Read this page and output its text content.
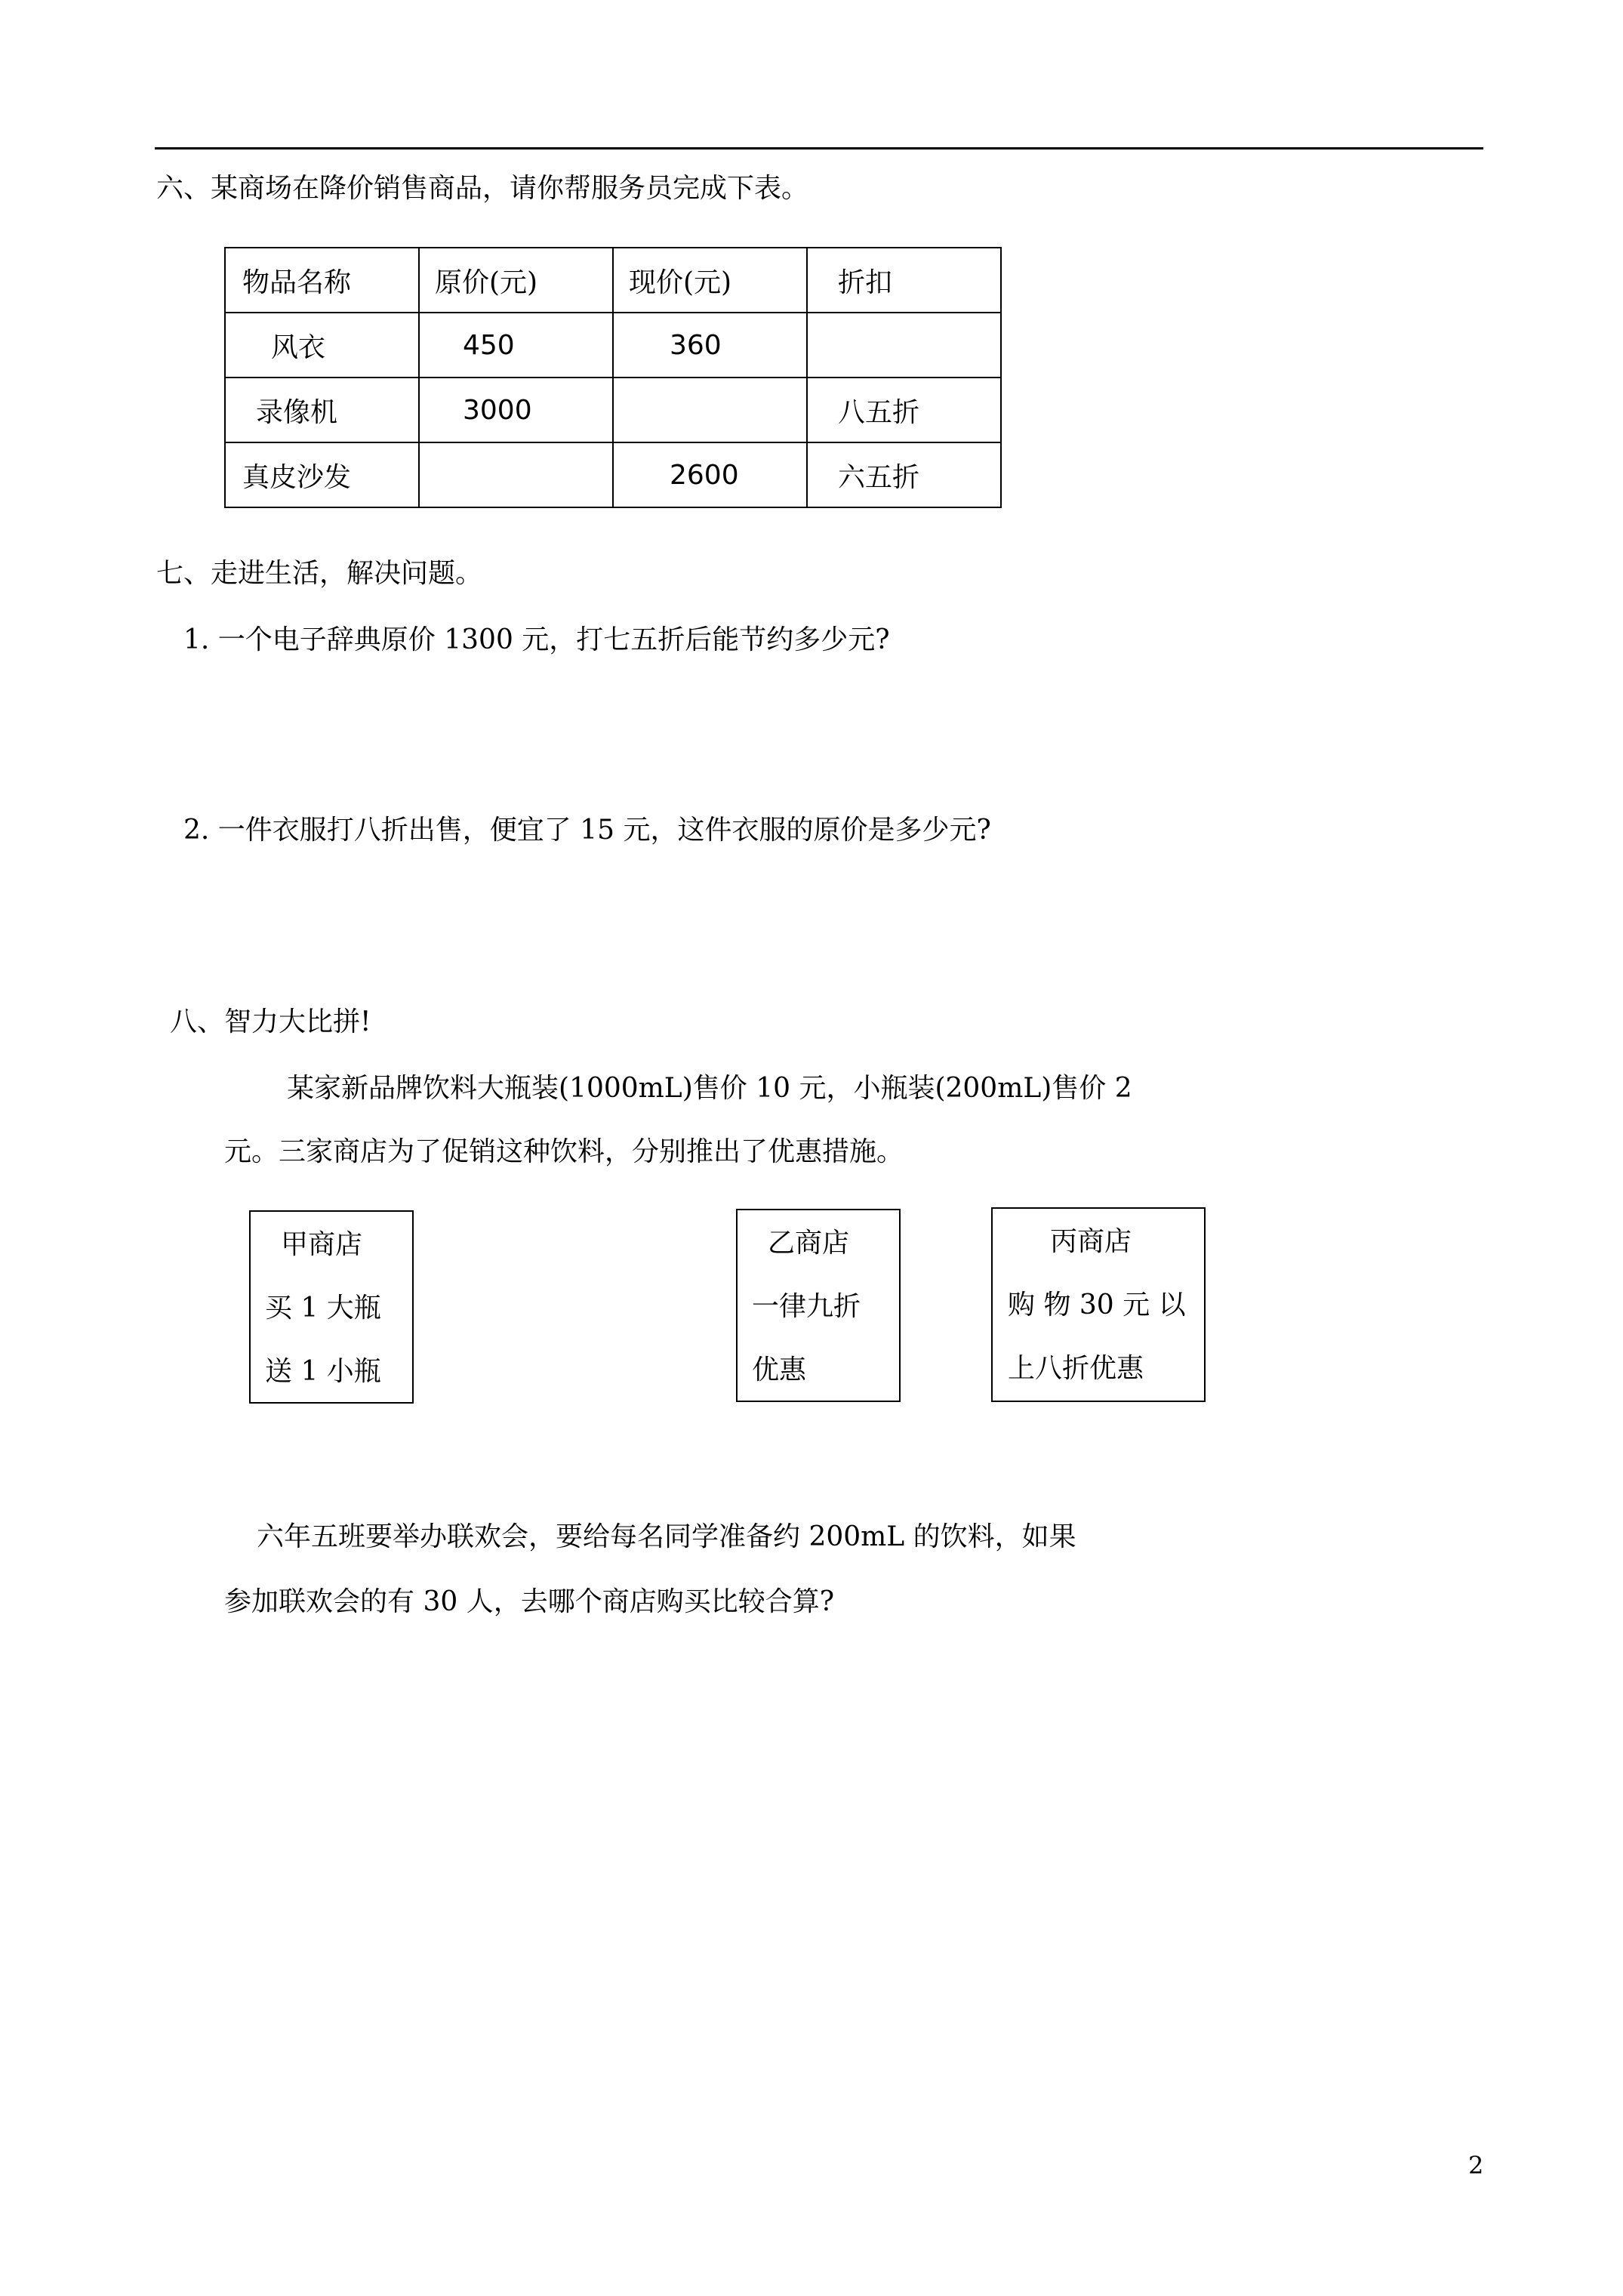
六、某商场在降价销售商品，请你帮服务员完成下表。
物品名称	原价(元)	现价(元)	折扣
风衣	450	360	
录像机	3000		八五折
真皮沙发		2600	六五折
七、走进生活，解决问题。
1. 一个电子辞典原价 1300 元，打七五折后能节约多少元?
2. 一件衣服打八折出售，便宜了 15 元，这件衣服的原价是多少元?
八、智力大比拼!
某家新品牌饮料大瓶装(1000mL)售价 10 元，小瓶装(200mL)售价 2
元。三家商店为了促销这种饮料，分别推出了优惠措施。
甲商店
买 1 大瓶
送 1 小瓶
乙商店
一律九折
优惠
丙商店
购 物 30 元 以
上八折优惠
六年五班要举办联欢会，要给每名同学准备约 200mL 的饮料，如果
参加联欢会的有 30 人，去哪个商店购买比较合算?
2
